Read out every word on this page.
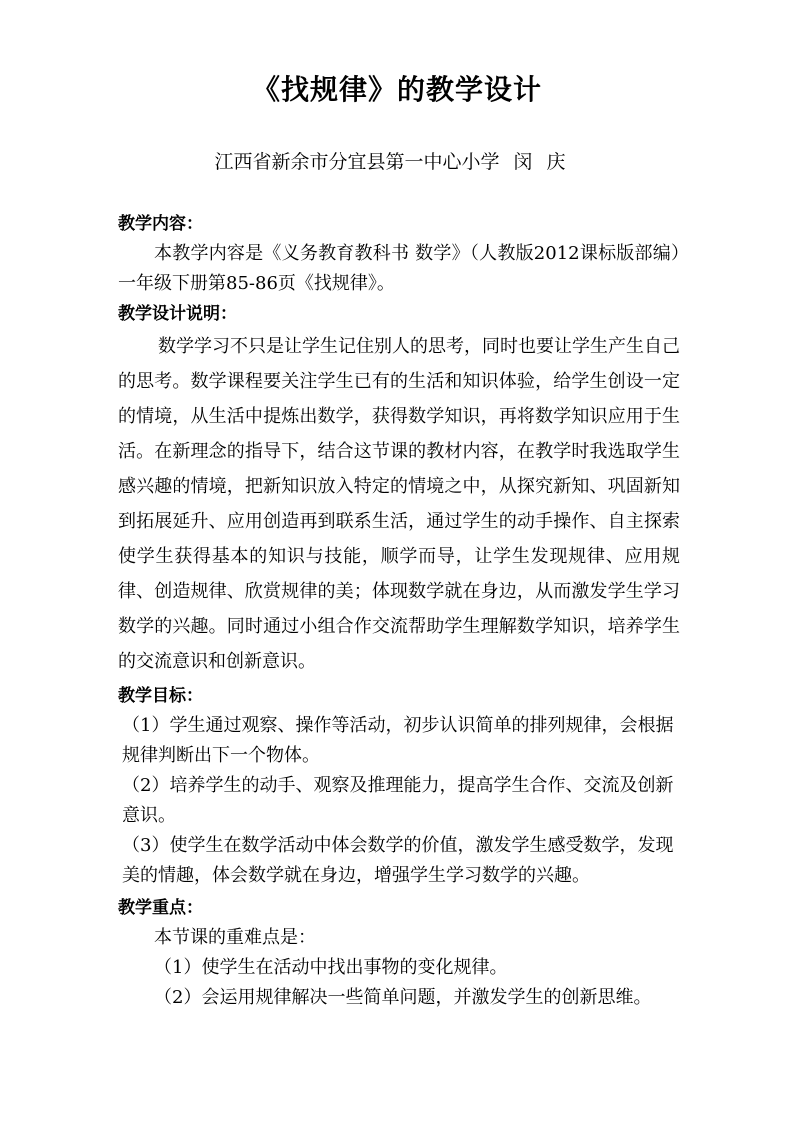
《找规律》的教学设计
江西省新余市分宜县第一中心小学 闵庆
教学内容：

本教学内容是《义务教育教科书 数学》（人教版2012课标版部编）一年级下册第85-86页《找规律》。

教学设计说明：

数学学习不只是让学生记住别人的思考，同时也要让学生产生自己的思考。数学课程要关注学生已有的生活和知识体验，给学生创设一定的情境，从生活中提炼出数学，获得数学知识，再将数学知识应用于生活。在新理念的指导下，结合这节课的教材内容，在教学时我选取学生感兴趣的情境，把新知识放入特定的情境之中，从探究新知、巩固新知到拓展延升、应用创造再到联系生活，通过学生的动手操作、自主探索使学生获得基本的知识与技能，顺学而导，让学生发现规律、应用规律、创造规律、欣赏规律的美；体现数学就在身边，从而激发学生学习数学的兴趣。同时通过小组合作交流帮助学生理解数学知识，培养学生的交流意识和创新意识。

教学目标：

（1）学生通过观察、操作等活动，初步认识简单的排列规律，会根据规律判断出下一个物体。

（2）培养学生的动手、观察及推理能力，提高学生合作、交流及创新意识。

（3）使学生在数学活动中体会数学的价值，激发学生感受数学，发现美的情趣，体会数学就在身边，增强学生学习数学的兴趣。

教学重点：

本节课的重难点是：

（1）使学生在活动中找出事物的变化规律。

（2）会运用规律解决一些简单问题，并激发学生的创新思维。
